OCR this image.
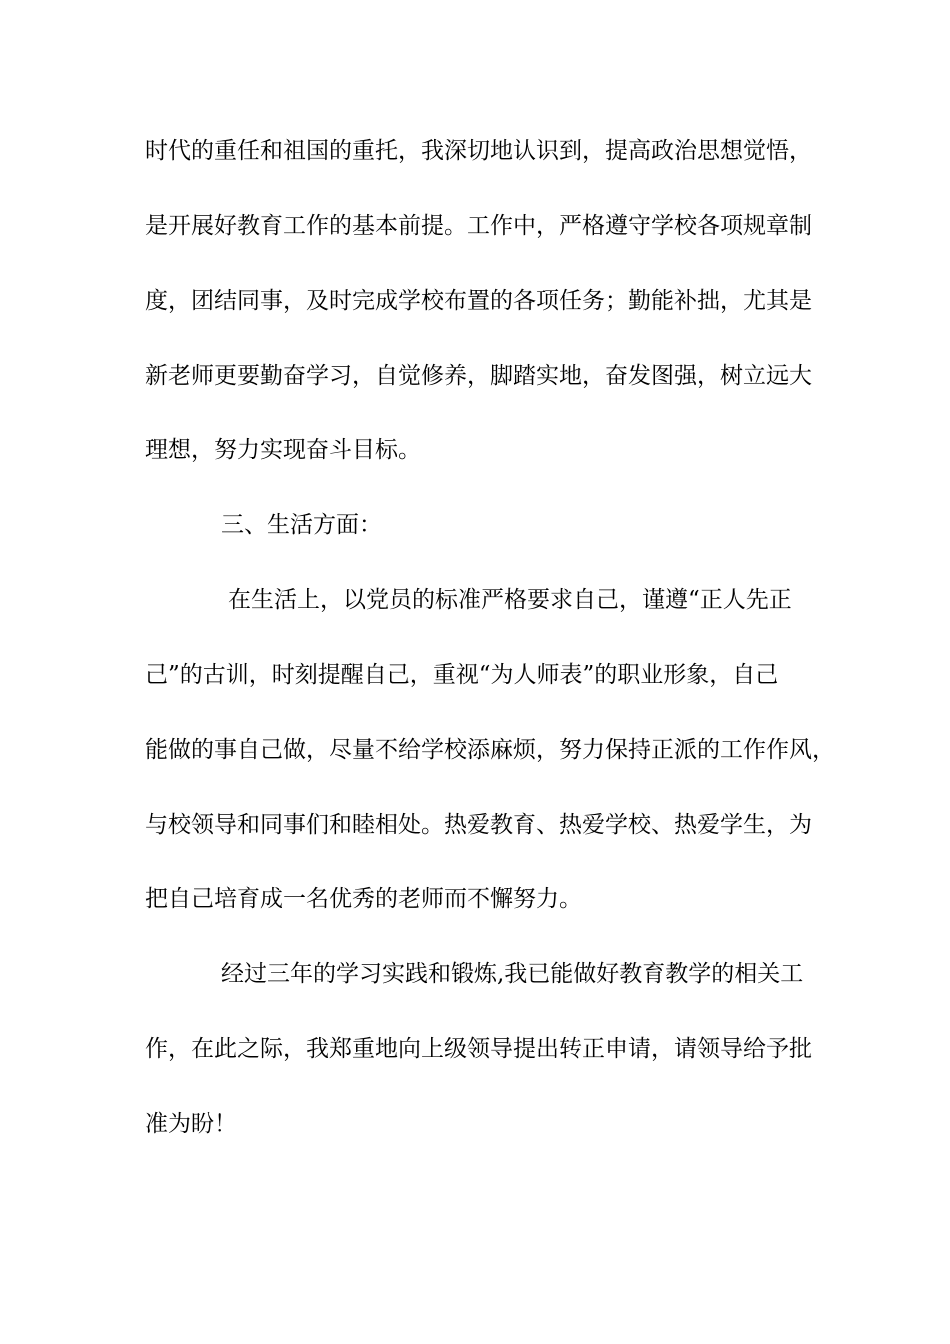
时代的重任和祖国的重托，我深切地认识到，提高政治思想觉悟，
是开展好教育工作的基本前提。工作中，严格遵守学校各项规章制
度，团结同事，及时完成学校布置的各项任务；勤能补拙，尤其是
新老师更要勤奋学习，自觉修养，脚踏实地，奋发图强，树立远大
理想，努力实现奋斗目标。
三、生活方面：
在生活上，以党员的标准严格要求自己，谨遵“正人先正
己”的古训，时刻提醒自己，重视“为人师表”的职业形象，自己
能做的事自己做，尽量不给学校添麻烦，努力保持正派的工作作风，
与校领导和同事们和睦相处。热爱教育、热爱学校、热爱学生，为
把自己培育成一名优秀的老师而不懈努力。
经过三年的学习实践和锻炼,我已能做好教育教学的相关工
作，在此之际，我郑重地向上级领导提出转正申请，请领导给予批
准为盼！
